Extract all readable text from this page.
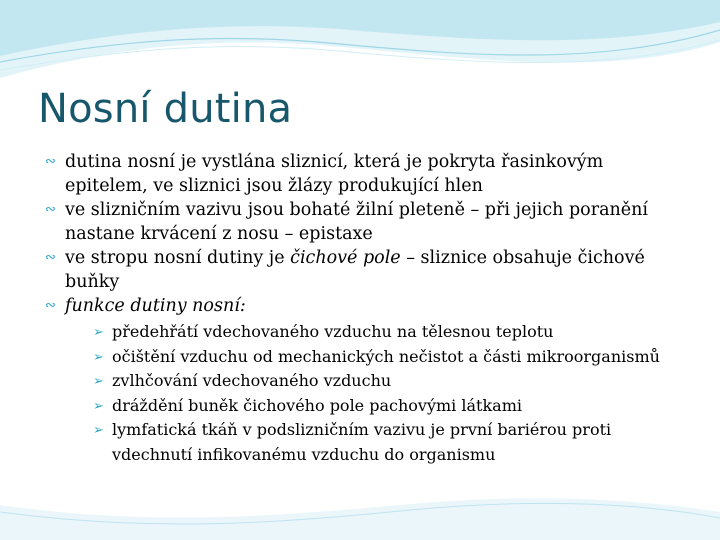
Nosní dutina
∾ dutina nosní je vystlána sliznicí, která je pokryta řasinkovým epitelem, ve sliznici jsou žlázy produkující hlen
∾ ve slizničním vazivu jsou bohaté žilní pleteně – při jejich poranění nastane krvácení z nosu – epistaxe
∾ ve stropu nosní dutiny je čichové pole – sliznice obsahuje čichové buňky
∾ funkce dutiny nosní:
➢ předehřátí vdechovaného vzduchu na tělesnou teplotu
➢ očištění vzduchu od mechanických nečistot a části mikroorganismů
➢ zvlhčování vdechovaného vzduchu
➢ dráždění buněk čichového pole pachovými látkami
➢ lymfatická tkáň v podslizničním vazivu je první bariérou proti vdechnutí infikovanému vzduchu do organismu
